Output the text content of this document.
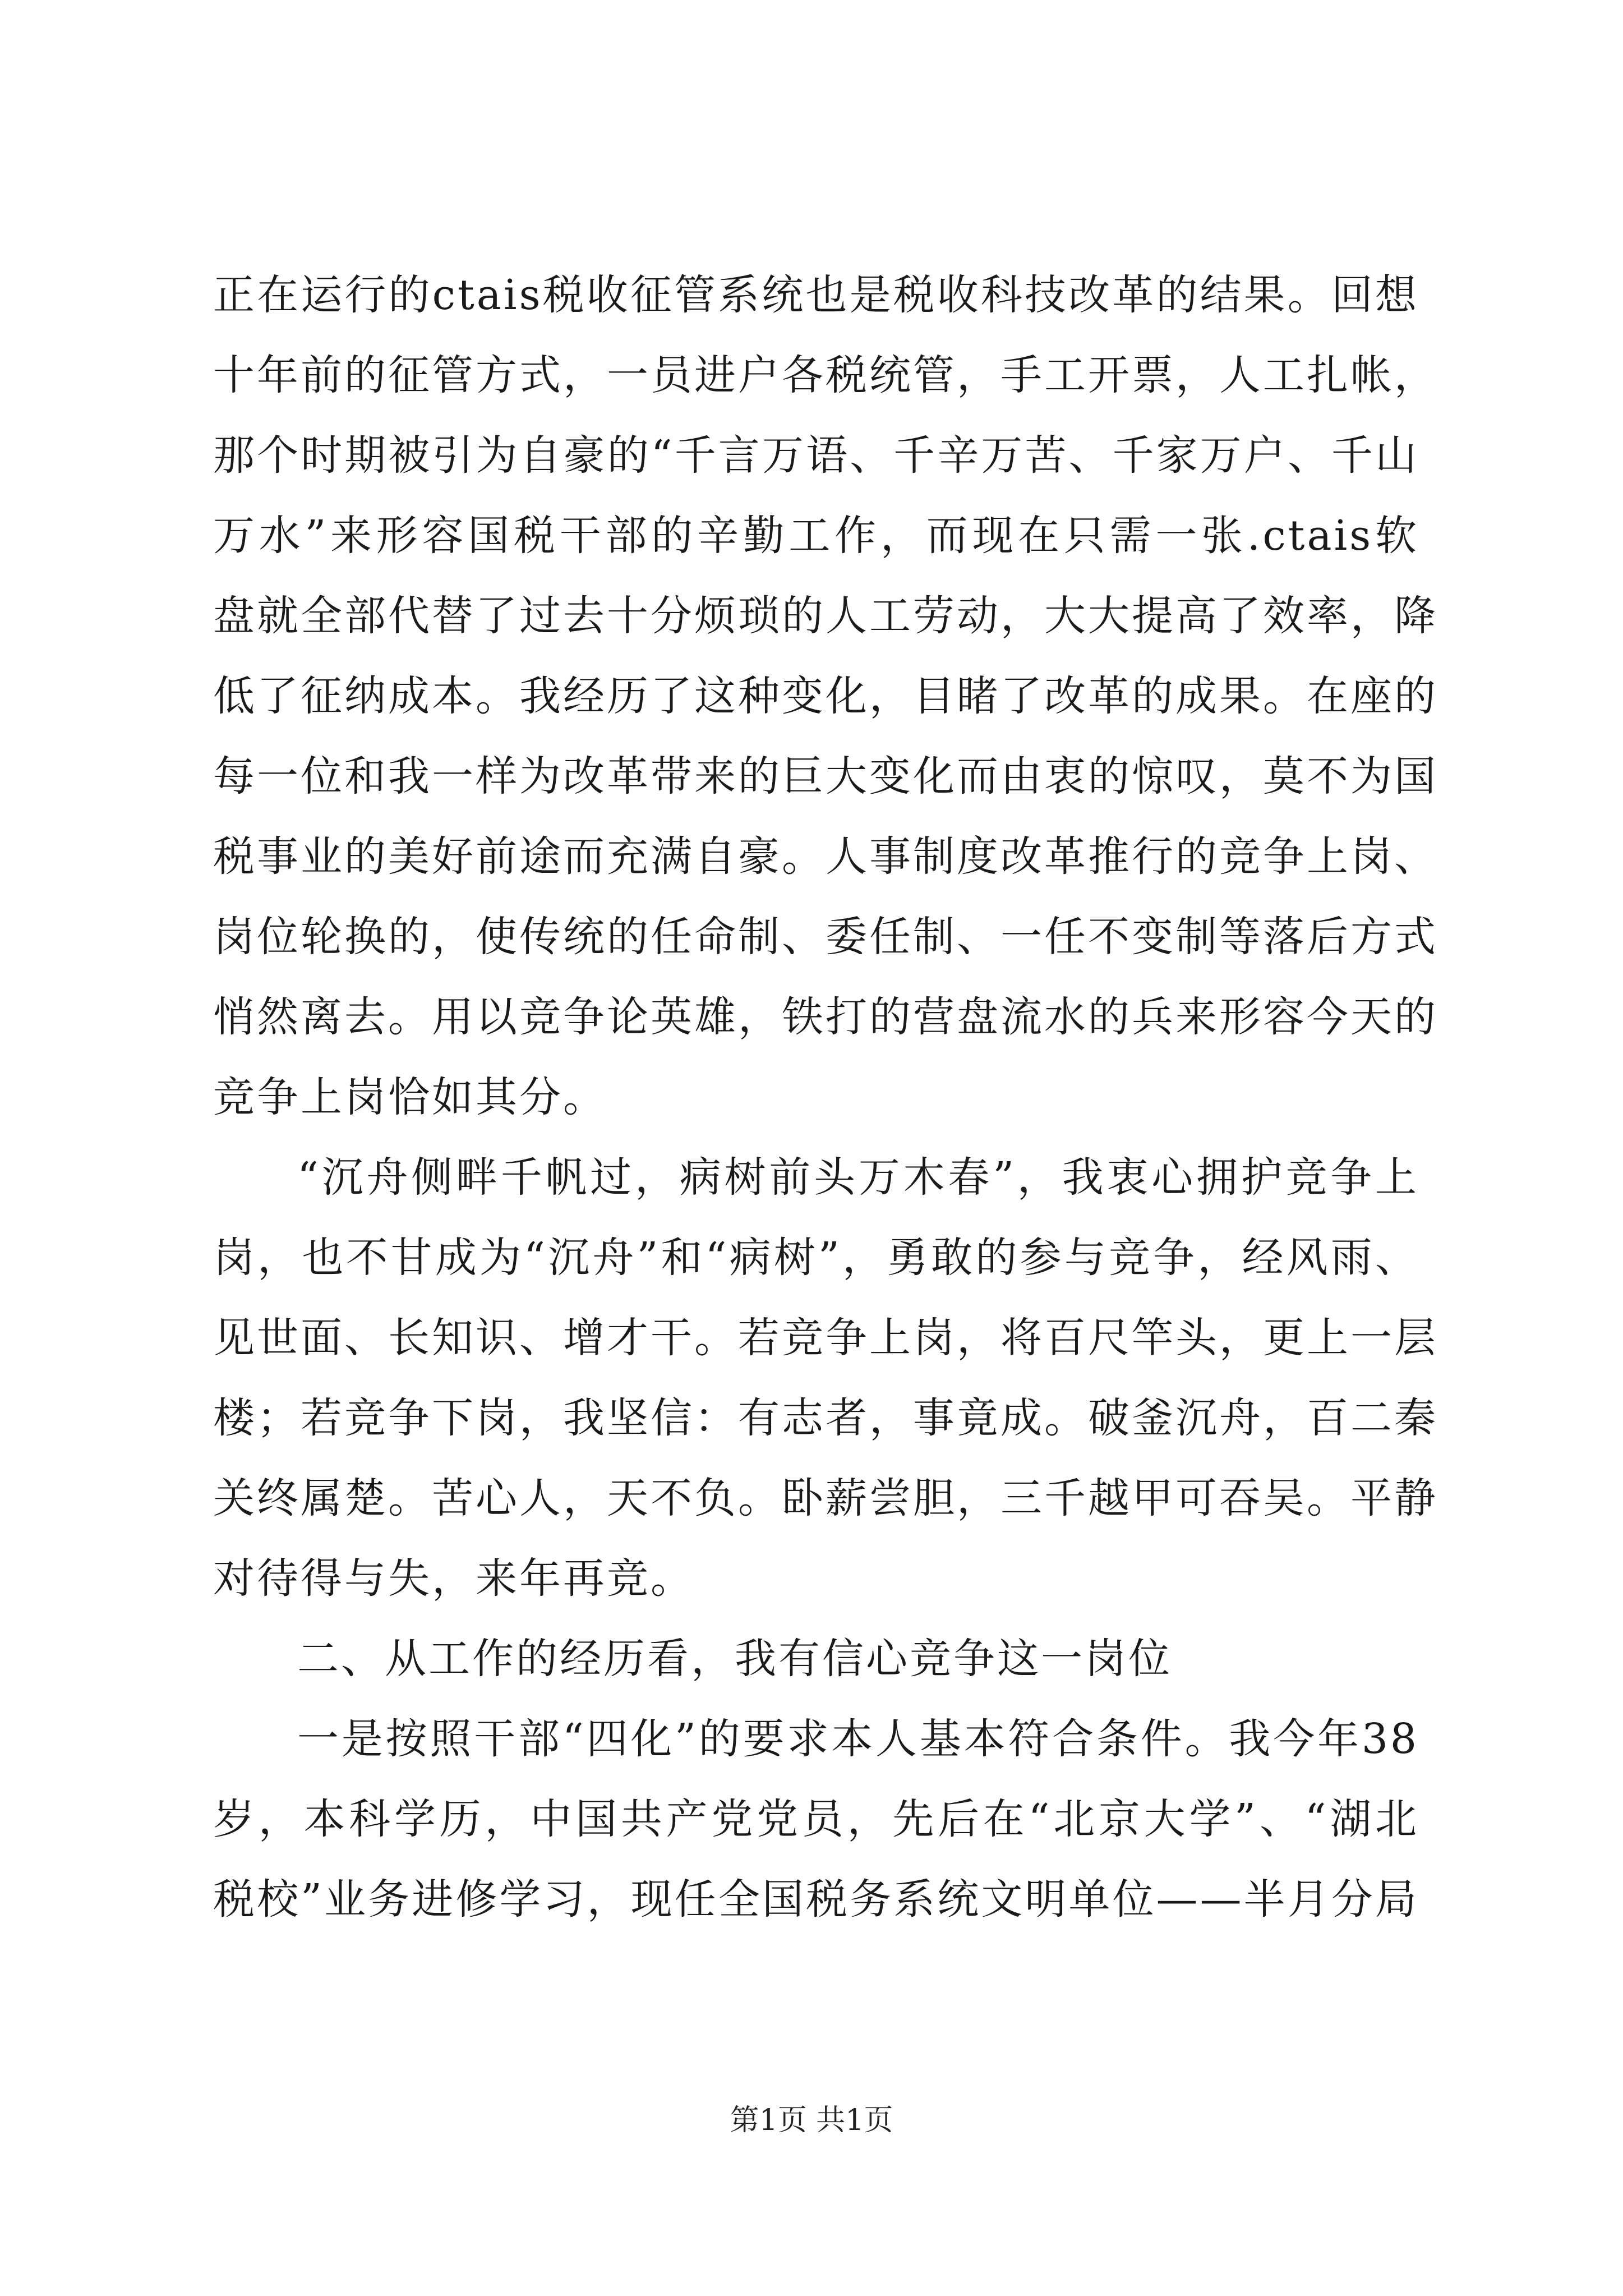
正在运行的ctais税收征管系统也是税收科技改革的结果。回想
十年前的征管方式，一员进户各税统管，手工开票，人工扎帐，
那个时期被引为自豪的“千言万语、千辛万苦、千家万户、千山
万水”来形容国税干部的辛勤工作，而现在只需一张.ctais软
盘就全部代替了过去十分烦琐的人工劳动，大大提高了效率，降
低了征纳成本。我经历了这种变化，目睹了改革的成果。在座的
每一位和我一样为改革带来的巨大变化而由衷的惊叹，莫不为国
税事业的美好前途而充满自豪。人事制度改革推行的竞争上岗、
岗位轮换的，使传统的任命制、委任制、一任不变制等落后方式
悄然离去。用以竞争论英雄，铁打的营盘流水的兵来形容今天的
竞争上岗恰如其分。
“沉舟侧畔千帆过，病树前头万木春”，我衷心拥护竞争上
岗，也不甘成为“沉舟”和“病树”，勇敢的参与竞争，经风雨、
见世面、长知识、增才干。若竞争上岗，将百尺竿头，更上一层
楼；若竞争下岗，我坚信：有志者，事竟成。破釜沉舟，百二秦
关终属楚。苦心人，天不负。卧薪尝胆，三千越甲可吞吴。平静
对待得与失，来年再竞。
二、从工作的经历看，我有信心竞争这一岗位
一是按照干部“四化”的要求本人基本符合条件。我今年38
岁，本科学历，中国共产党党员，先后在“北京大学”、“湖北
税校”业务进修学习，现任全国税务系统文明单位——半月分局
第1页 共1页
